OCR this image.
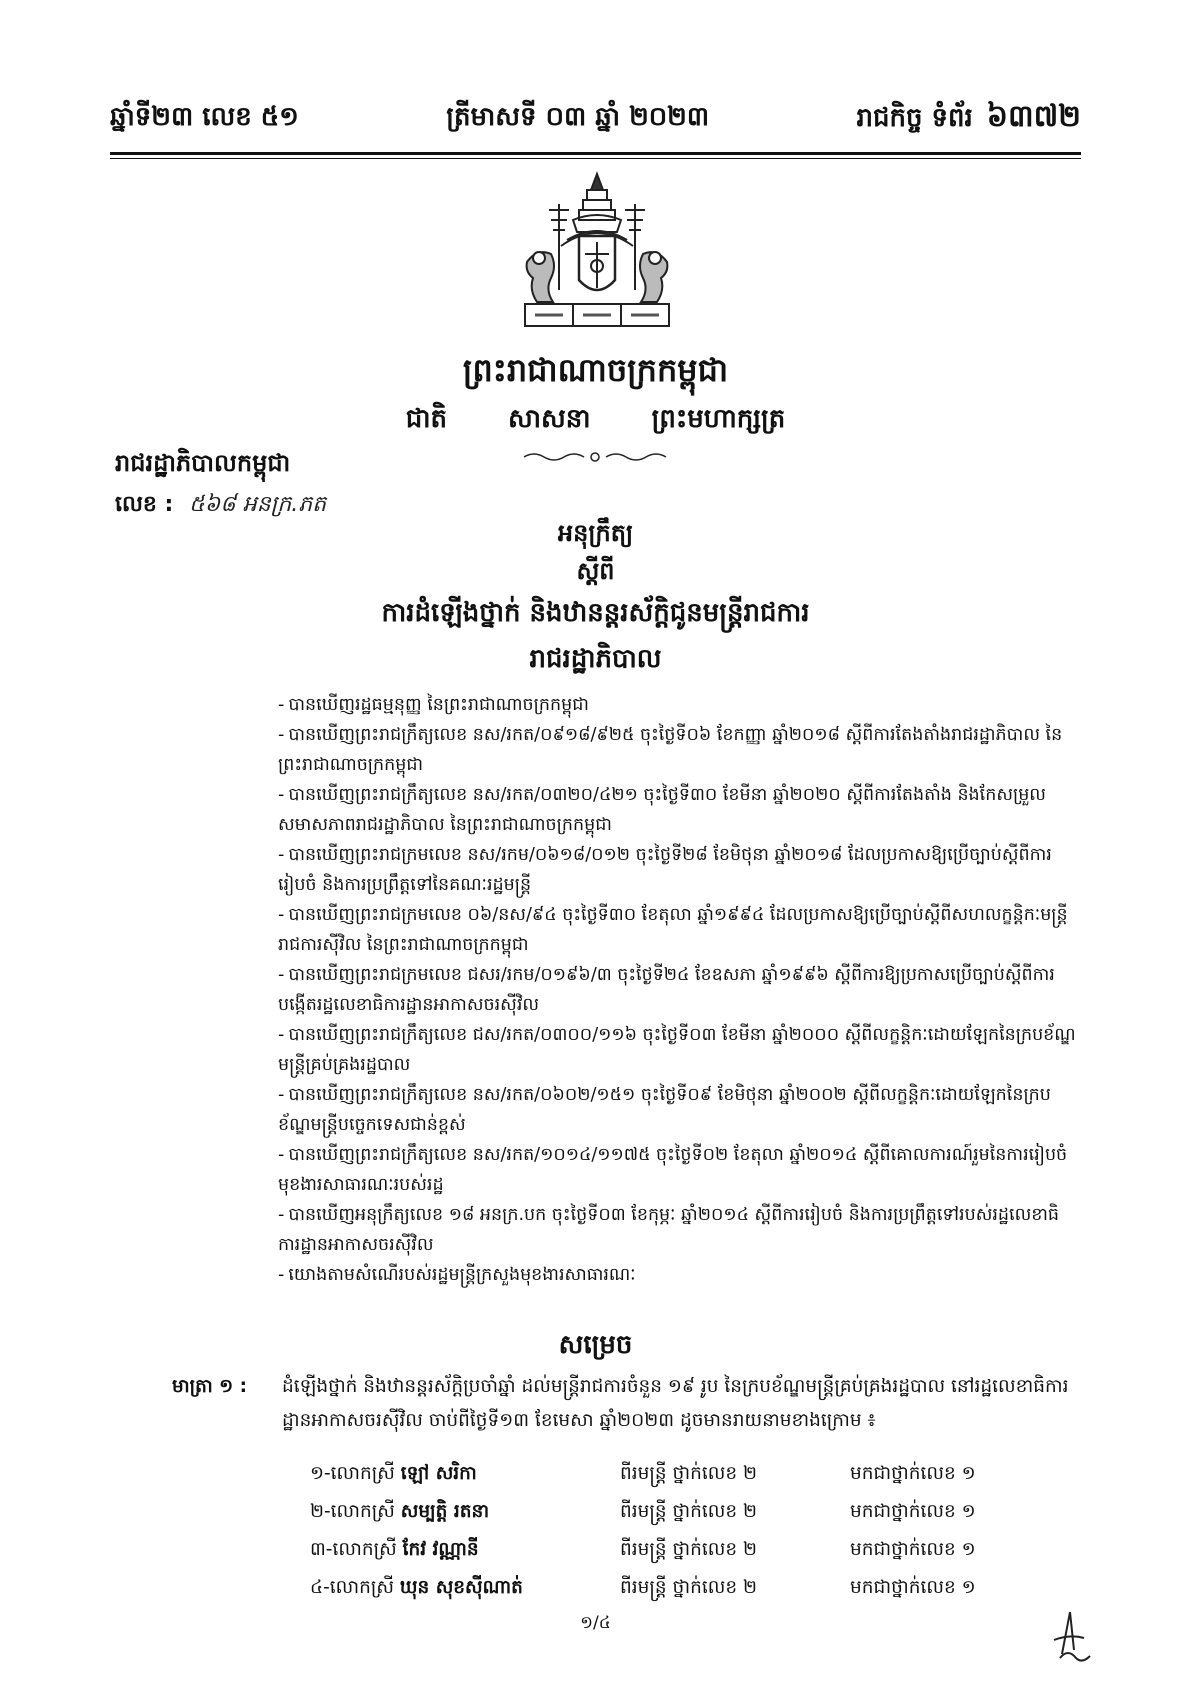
ឆ្នាំទី២៣ លេខ ៥១	ត្រីមាសទី ០៣ ឆ្នាំ ២០២៣	រាជកិច្ច ទំព័រ ៦៣៧២
ព្រះរាជាណាចក្រកម្ពុជា
ជាតិ សាសនា ព្រះមហាក្សត្រ
រាជរដ្ឋាភិបាលកម្ពុជា
លេខ : ៥៦៨ អនក្រ.ភត
អនុក្រឹត្យ
ស្តីពី
ការដំឡើងថ្នាក់ និងឋានន្តរស័ក្តិជូនមន្ត្រីរាជការ
រាជរដ្ឋាភិបាល
- បានឃើញរដ្ឋធម្មនុញ្ញ នៃព្រះរាជាណាចក្រកម្ពុជា
- បានឃើញព្រះរាជក្រឹត្យលេខ នស/រកត/០៩១៨/៩២៥ ចុះថ្ងៃទី០៦ ខែកញ្ញា ឆ្នាំ២០១៨ ស្តីពីការតែងតាំងរាជរដ្ឋាភិបាល នៃព្រះរាជាណាចក្រកម្ពុជា
- បានឃើញព្រះរាជក្រឹត្យលេខ នស/រកត/០៣២០/៤២១ ចុះថ្ងៃទី៣០ ខែមីនា ឆ្នាំ២០២០ ស្តីពីការតែងតាំង និងកែសម្រួលសមាសភាពរាជរដ្ឋាភិបាល នៃព្រះរាជាណាចក្រកម្ពុជា
- បានឃើញព្រះរាជក្រមលេខ នស/រកម/០៦១៨/០១២ ចុះថ្ងៃទី២៨ ខែមិថុនា ឆ្នាំ២០១៨ ដែលប្រកាសឱ្យប្រើច្បាប់ស្តីពីការរៀបចំ និងការប្រព្រឹត្តទៅនៃគណៈរដ្ឋមន្ត្រី
- បានឃើញព្រះរាជក្រមលេខ ០៦/នស/៩៤ ចុះថ្ងៃទី៣០ ខែតុលា ឆ្នាំ១៩៩៤ ដែលប្រកាសឱ្យប្រើច្បាប់ស្តីពីសហលក្ខន្តិកៈមន្ត្រីរាជការស៊ីវិល នៃព្រះរាជាណាចក្រកម្ពុជា
- បានឃើញព្រះរាជក្រមលេខ ជសរ/រកម/០១៩៦/៣ ចុះថ្ងៃទី២៤ ខែឧសភា ឆ្នាំ១៩៩៦ ស្តីពីការឱ្យប្រកាសប្រើច្បាប់ស្តីពីការបង្កើតរដ្ឋលេខាធិការដ្ឋានអាកាសចរស៊ីវិល
- បានឃើញព្រះរាជក្រឹត្យលេខ ជស/រកត/០៣០០/១១៦ ចុះថ្ងៃទី០៣ ខែមីនា ឆ្នាំ២០០០ ស្តីពីលក្ខន្តិកៈដោយឡែកនៃក្របខ័ណ្ឌមន្ត្រីគ្រប់គ្រងរដ្ឋបាល
- បានឃើញព្រះរាជក្រឹត្យលេខ នស/រកត/០៦០២/១៥១ ចុះថ្ងៃទី០៩ ខែមិថុនា ឆ្នាំ២០០២ ស្តីពីលក្ខន្តិកៈដោយឡែកនៃក្របខ័ណ្ឌមន្ត្រីបច្ចេកទេសជាន់ខ្ពស់
- បានឃើញព្រះរាជក្រឹត្យលេខ នស/រកត/១០១៤/១១៧៥ ចុះថ្ងៃទី០២ ខែតុលា ឆ្នាំ២០១៤ ស្តីពីគោលការណ៍រួមនៃការរៀបចំមុខងារសាធារណៈរបស់រដ្ឋ
- បានឃើញអនុក្រឹត្យលេខ ១៨ អនក្រ.បក ចុះថ្ងៃទី០៣ ខែកុម្ភៈ ឆ្នាំ២០១៤ ស្តីពីការរៀបចំ និងការប្រព្រឹត្តទៅរបស់រដ្ឋលេខាធិការដ្ឋានអាកាសចរស៊ីវិល
- យោងតាមសំណើរបស់រដ្ឋមន្ត្រីក្រសួងមុខងារសាធារណៈ
សម្រេច
មាត្រា ១ : ដំឡើងថ្នាក់ និងឋានន្តរស័ក្តិប្រចាំឆ្នាំ ដល់មន្ត្រីរាជការចំនួន ១៩ រូប នៃក្របខ័ណ្ឌមន្ត្រីគ្រប់គ្រងរដ្ឋបាល នៅរដ្ឋលេខាធិការដ្ឋានអាកាសចរស៊ីវិល ចាប់ពីថ្ងៃទី១៣ ខែមេសា ឆ្នាំ២០២៣ ដូចមានរាយនាមខាងក្រោម ៖
១-លោកស្រី ឡៅ សរិកា	ពីរមន្ត្រី ថ្នាក់លេខ ២	មកជាថ្នាក់លេខ ១
២-លោកស្រី សម្បត្តិ រតនា	ពីរមន្ត្រី ថ្នាក់លេខ ២	មកជាថ្នាក់លេខ ១
៣-លោកស្រី កែវ វណ្ណានី	ពីរមន្ត្រី ថ្នាក់លេខ ២	មកជាថ្នាក់លេខ ១
៤-លោកស្រី ឃុន សុខស៊ីណាត់	ពីរមន្ត្រី ថ្នាក់លេខ ២	មកជាថ្នាក់លេខ ១
១/៤
